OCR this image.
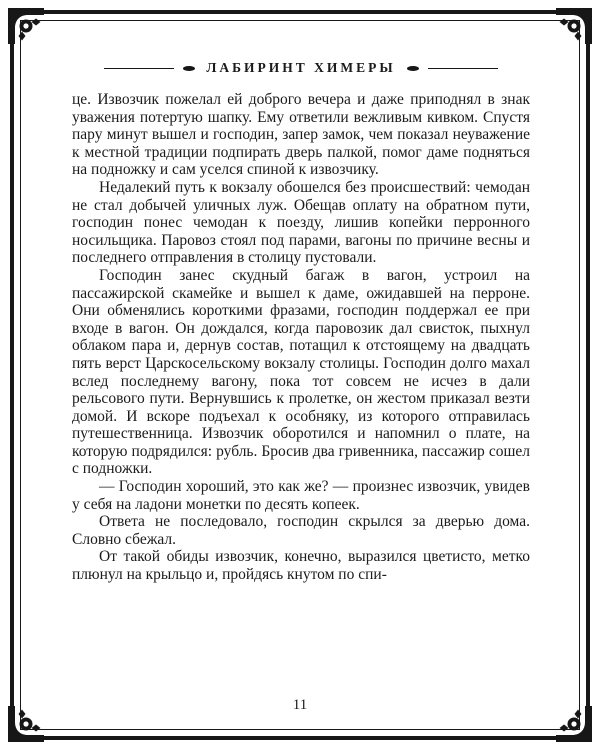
ЛАБИРИНТ ХИМЕРЫ

це. Извозчик пожелал ей доброго вечера и даже приподнял в знак уважения потертую шапку. Ему ответили вежливым кивком. Спустя пару минут вышел и господин, запер замок, чем показал неуважение к местной традиции подпирать дверь палкой, помог даме подняться на подножку и сам уселся спиной к извозчику.

Недалекий путь к вокзалу обошелся без происшествий: чемодан не стал добычей уличных луж. Обещав оплату на обратном пути, господин понес чемодан к поезду, лишив копейки перронного носильщика. Паровоз стоял под парами, вагоны по причине весны и последнего отправления в столицу пустовали.

Господин занес скудный багаж в вагон, устроил на пассажирской скамейке и вышел к даме, ожидавшей на перроне. Они обменялись короткими фразами, господин поддержал ее при входе в вагон. Он дождался, когда паровозик дал свисток, пыхнул облаком пара и, дернув состав, потащил к отстоящему на двадцать пять верст Царскосельскому вокзалу столицы. Господин долго махал вслед последнему вагону, пока тот совсем не исчез в дали рельсового пути. Вернувшись к пролетке, он жестом приказал везти домой. И вскоре подъехал к особняку, из которого отправилась путешественница. Извозчик оборотился и напомнил о плате, на которую подрядился: рубль. Бросив два гривенника, пассажир сошел с подножки.

— Господин хороший, это как же? — произнес извозчик, увидев у себя на ладони монетки по десять копеек.

Ответа не последовало, господин скрылся за дверью дома. Словно сбежал.

От такой обиды извозчик, конечно, выразился цветисто, метко плюнул на крыльцо и, пройдясь кнутом по спи-

11
